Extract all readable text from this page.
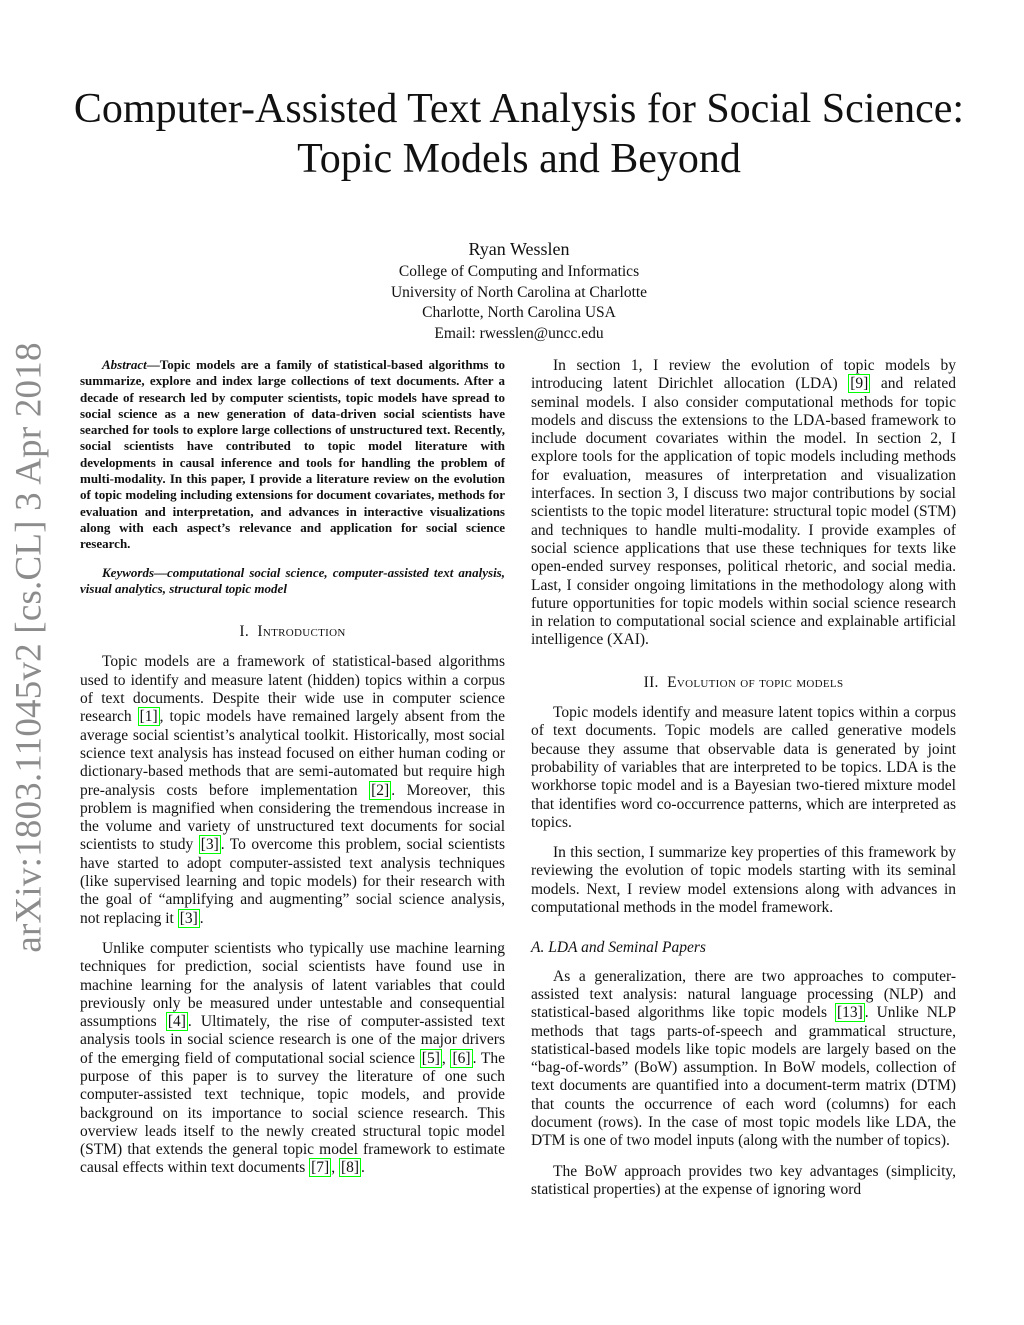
arXiv:1803.11045v2 [cs.CL] 3 Apr 2018
Computer-Assisted Text Analysis for Social Science:
Topic Models and Beyond
Ryan Wesslen
College of Computing and Informatics
University of North Carolina at Charlotte
Charlotte, North Carolina USA
Email: rwesslen@uncc.edu

Abstract—Topic models are a family of statistical-based algorithms to summarize, explore and index large collections of text documents. After a decade of research led by computer scientists, topic models have spread to social science as a new generation of data-driven social scientists have searched for tools to explore large collections of unstructured text. Recently, social scientists have contributed to topic model literature with developments in causal inference and tools for handling the problem of multi-modality. In this paper, I provide a literature review on the evolution of topic modeling including extensions for document covariates, methods for evaluation and interpretation, and advances in interactive visualizations along with each aspect’s relevance and application for social science research.

Keywords—computational social science, computer-assisted text analysis, visual analytics, structural topic model

I. Introduction

Topic models are a framework of statistical-based algorithms used to identify and measure latent (hidden) topics within a corpus of text documents. Despite their wide use in computer science research [1] , topic models have remained largely absent from the average social scientist’s analytical toolkit. Historically, most social science text analysis has instead focused on either human coding or dictionary-based methods that are semi-automated but require high pre-analysis costs before implementation [2] . Moreover, this problem is magnified when considering the tremendous increase in the volume and variety of unstructured text documents for social scientists to study [3] . To overcome this problem, social scientists have started to adopt computer-assisted text analysis techniques (like supervised learning and topic models) for their research with the goal of “amplifying and augmenting” social science analysis, not replacing it [3] .

Unlike computer scientists who typically use machine learning techniques for prediction, social scientists have found use in machine learning for the analysis of latent variables that could previously only be measured under untestable and consequential assumptions [4] . Ultimately, the rise of computer-assisted text analysis tools in social science research is one of the major drivers of the emerging field of computational social science [5] , [6] . The purpose of this paper is to survey the literature of one such computer-assisted text technique, topic models, and provide background on its importance to social science research. This overview leads itself to the newly created structural topic model (STM) that extends the general topic model framework to estimate causal effects within text documents [7] , [8] .

In section 1, I review the evolution of topic models by introducing latent Dirichlet allocation (LDA) [9] and related seminal models. I also consider computational methods for topic models and discuss the extensions to the LDA-based framework to include document covariates within the model. In section 2, I explore tools for the application of topic models including methods for evaluation, measures of interpretation and visualization interfaces. In section 3, I discuss two major contributions by social scientists to the topic model literature: structural topic model (STM) and techniques to handle multi-modality. I provide examples of social science applications that use these techniques for texts like open-ended survey responses, political rhetoric, and social media. Last, I consider ongoing limitations in the methodology along with future opportunities for topic models within social science research in relation to computational social science and explainable artificial intelligence (XAI).

II. Evolution of topic models

Topic models identify and measure latent topics within a corpus of text documents. Topic models are called generative models because they assume that observable data is generated by joint probability of variables that are interpreted to be topics. LDA is the workhorse topic model and is a Bayesian two-tiered mixture model that identifies word co-occurrence patterns, which are interpreted as topics.

In this section, I summarize key properties of this framework by reviewing the evolution of topic models starting with its seminal models. Next, I review model extensions along with advances in computational methods in the model framework.

A. LDA and Seminal Papers

As a generalization, there are two approaches to computer-assisted text analysis: natural language processing (NLP) and statistical-based algorithms like topic models [13] . Unlike NLP methods that tags parts-of-speech and grammatical structure, statistical-based models like topic models are largely based on the “bag-of-words” (BoW) assumption. In BoW models, collection of text documents are quantified into a document-term matrix (DTM) that counts the occurrence of each word (columns) for each document (rows). In the case of most topic models like LDA, the DTM is one of two model inputs (along with the number of topics).

The BoW approach provides two key advantages (simplicity, statistical properties) at the expense of ignoring word
